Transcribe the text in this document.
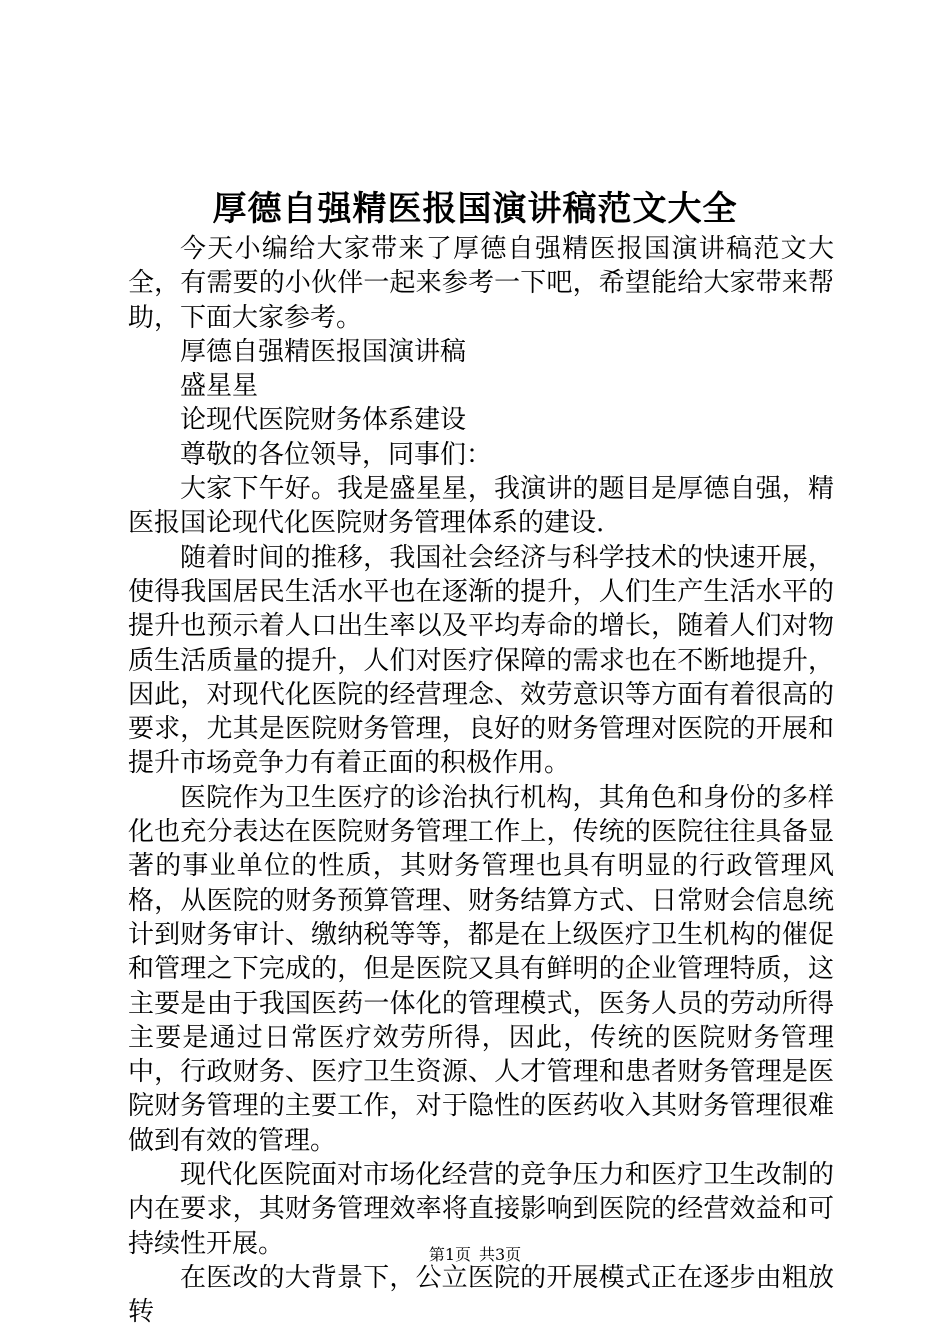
厚德自强精医报国演讲稿范文大全

今天小编给大家带来了厚德自强精医报国演讲稿范文大全，有需要的小伙伴一起来参考一下吧，希望能给大家带来帮助，下面大家参考。

厚德自强精医报国演讲稿

盛星星

论现代医院财务体系建设

尊敬的各位领导，同事们：

大家下午好。我是盛星星，我演讲的题目是厚德自强，精医报国论现代化医院财务管理体系的建设.

随着时间的推移，我国社会经济与科学技术的快速开展，使得我国居民生活水平也在逐渐的提升，人们生产生活水平的提升也预示着人口出生率以及平均寿命的增长，随着人们对物质生活质量的提升，人们对医疗保障的需求也在不断地提升，因此，对现代化医院的经营理念、效劳意识等方面有着很高的要求，尤其是医院财务管理，良好的财务管理对医院的开展和提升市场竞争力有着正面的积极作用。

医院作为卫生医疗的诊治执行机构，其角色和身份的多样化也充分表达在医院财务管理工作上，传统的医院往往具备显著的事业单位的性质，其财务管理也具有明显的行政管理风格，从医院的财务预算管理、财务结算方式、日常财会信息统计到财务审计、缴纳税等等，都是在上级医疗卫生机构的催促和管理之下完成的，但是医院又具有鲜明的企业管理特质，这主要是由于我国医药一体化的管理模式，医务人员的劳动所得主要是通过日常医疗效劳所得，因此，传统的医院财务管理中，行政财务、医疗卫生资源、人才管理和患者财务管理是医院财务管理的主要工作，对于隐性的医药收入其财务管理很难做到有效的管理。

现代化医院面对市场化经营的竞争压力和医疗卫生改制的内在要求，其财务管理效率将直接影响到医院的经营效益和可持续性开展。

在医改的大背景下，公立医院的开展模式正在逐步由粗放转

第1页 共3页
